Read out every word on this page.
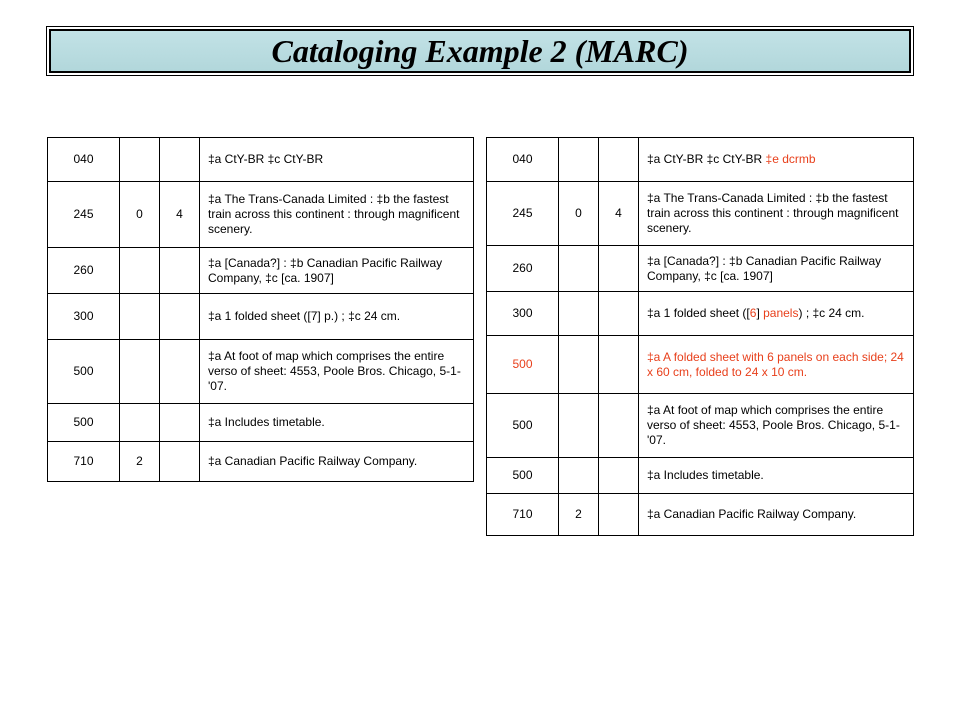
Cataloging Example 2 (MARC)
040			‡a CtY-BR ‡c CtY-BR
245	0	4	‡a The Trans-Canada Limited : ‡b the fastest train across this continent : through magnificent scenery.
260			‡a [Canada?] : ‡b Canadian Pacific Railway Company, ‡c [ca. 1907]
300			‡a 1 folded sheet ([7] p.) ; ‡c 24 cm.
500			‡a At foot of map which comprises the entire verso of sheet: 4553, Poole Bros. Chicago, 5-1-'07.
500			‡a Includes timetable.
710	2		‡a Canadian Pacific Railway Company.
040			‡a CtY-BR ‡c CtY-BR ‡e dcrmb
245	0	4	‡a The Trans-Canada Limited : ‡b the fastest train across this continent : through magnificent scenery.
260			‡a [Canada?] : ‡b Canadian Pacific Railway Company, ‡c [ca. 1907]
300			‡a 1 folded sheet ([6] panels) ; ‡c 24 cm.
500			‡a A folded sheet with 6 panels on each side; 24 x 60 cm, folded to 24 x 10 cm.
500			‡a At foot of map which comprises the entire verso of sheet: 4553, Poole Bros. Chicago, 5-1-'07.
500			‡a Includes timetable.
710	2		‡a Canadian Pacific Railway Company.
